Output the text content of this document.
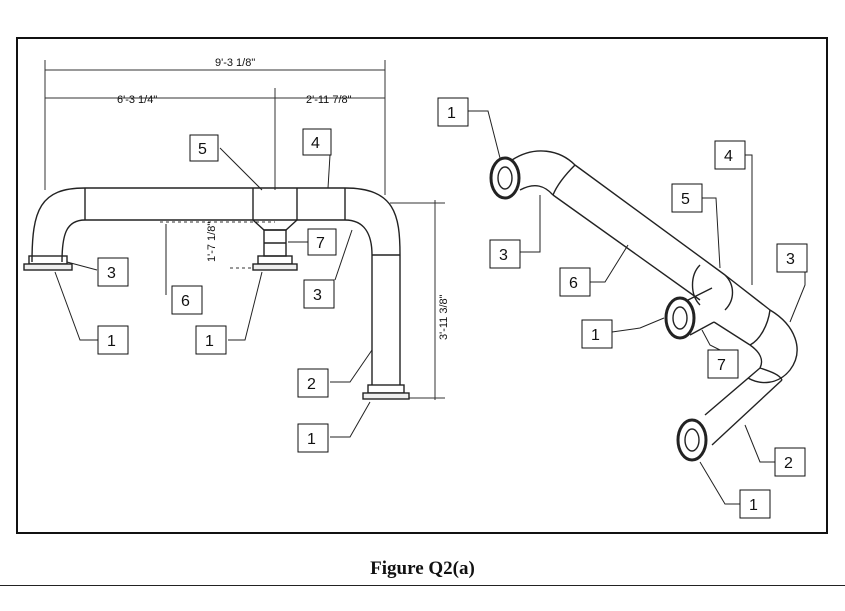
9'-3 1/8"
6'-3 1/4"	2'-11 7/8"
3'-11 3/8"
1'-7 1/8"
5	4
7
3
3
6
1	1
2
1
1
3
6
1
5
4
3
7
2
1
Figure Q2(a)
